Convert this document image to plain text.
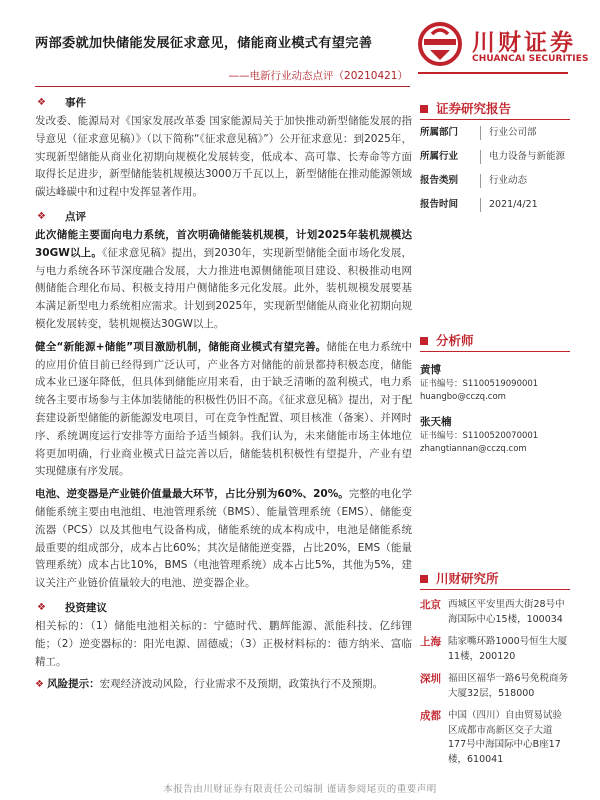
两部委就加快储能发展征求意见，储能商业模式有望完善
——电新行业动态点评（20210421）
川财证券
CHUANCAI SECURITIES
❖ 事件

发改委、能源局对《国家发展改革委 国家能源局关于加快推动新型储能发展的指导意见（征求意见稿）》（以下简称“《征求意见稿》”）公开征求意见：到2025年，实现新型储能从商业化初期向规模化发展转变，低成本、高可靠、长寿命等方面取得长足进步，新型储能装机规模达3000万千瓦以上，新型储能在推动能源领域碳达峰碳中和过程中发挥显著作用。

❖ 点评

此次储能主要面向电力系统，首次明确储能装机规模，计划2025年装机规模达30GW以上。《征求意见稿》提出，到2030年，实现新型储能全面市场化发展，与电力系统各环节深度融合发展，大力推进电源侧储能项目建设、积极推动电网侧储能合理化布局、积极支持用户侧储能多元化发展。此外，装机规模发展要基本满足新型电力系统相应需求。计划到2025年，实现新型储能从商业化初期向规模化发展转变，装机规模达30GW以上。

健全“新能源+储能”项目激励机制，储能商业模式有望完善。储能在电力系统中的应用价值目前已经得到广泛认可，产业各方对储能的前景都持积极态度，储能成本业已逐年降低，但具体到储能应用来看，由于缺乏清晰的盈利模式，电力系统各主要市场参与主体加装储能的积极性仍旧不高。《征求意见稿》提出，对于配套建设新型储能的新能源发电项目，可在竞争性配置、项目核准（备案）、并网时序、系统调度运行安排等方面给予适当倾斜。我们认为，未来储能市场主体地位将更加明确，行业商业模式日益完善以后，储能装机积极性有望提升，产业有望实现健康有序发展。

电池、逆变器是产业链价值量最大环节，占比分别为60%、20%。完整的电化学储能系统主要由电池组、电池管理系统（BMS）、能量管理系统（EMS）、储能变流器（PCS）以及其他电气设备构成，储能系统的成本构成中，电池是储能系统最重要的组成部分，成本占比60%；其次是储能逆变器，占比20%，EMS（能量管理系统）成本占比10%，BMS（电池管理系统）成本占比5%，其他为5%，建议关注产业链价值量较大的电池、逆变器企业。

❖ 投资建议

相关标的：（1）储能电池相关标的：宁德时代、鹏辉能源、派能科技、亿纬锂能；（2）逆变器标的：阳光电源、固德威；（3）正极材料标的：德方纳米、富临精工。

❖ 风险提示：宏观经济波动风险，行业需求不及预期，政策执行不及预期。

证券研究报告
所属部门	行业公司部
所属行业	电力设备与新能源
报告类别	行业动态
报告时间	2021/4/21
分析师
黄博
证书编号：S1100519090001
huangbo@cczq.com
张天楠
证书编号：S1100520070001
zhangtiannan@cczq.com
川财研究所
北京 西城区平安里西大街28号中海国际中心15楼，100034
上海 陆家嘴环路1000号恒生大厦11楼，200120
深圳 福田区福华一路6号免税商务大厦32层，518000
成都 中国（四川）自由贸易试验区成都市高新区交子大道177号中海国际中心B座17楼，610041
本报告由川财证券有限责任公司编制 谨请参阅尾页的重要声明
